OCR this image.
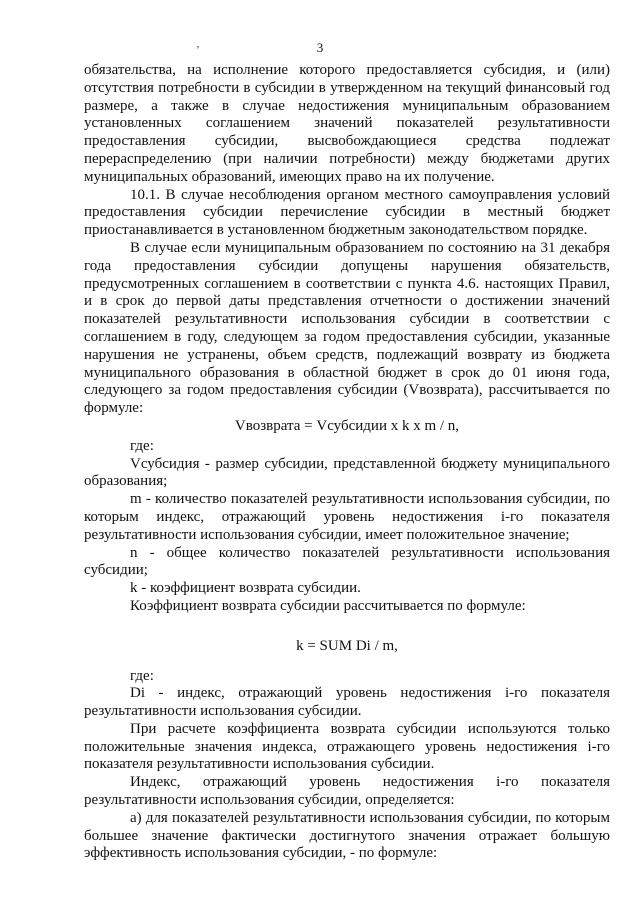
ʼ	3

обязательства, на исполнение которого предоставляется субсидия, и (или) отсутствия потребности в субсидии в утвержденном на текущий финансовый год размере, а также в случае недостижения муниципальным образованием установленных соглашением значений показателей результативности предоставления субсидии, высвобождающиеся средства подлежат перераспределению (при наличии потребности) между бюджетами других муниципальных образований, имеющих право на их получение.

10.1. В случае несоблюдения органом местного самоуправления условий предоставления субсидии перечисление субсидии в местный бюджет приостанавливается в установленном бюджетным законодательством порядке.

В случае если муниципальным образованием по состоянию на 31 декабря года предоставления субсидии допущены нарушения обязательств, предусмотренных соглашением в соответствии с пункта 4.6. настоящих Правил, и в срок до первой даты представления отчетности о достижении значений показателей результативности использования субсидии в соответствии с соглашением в году, следующем за годом предоставления субсидии, указанные нарушения не устранены, объем средств, подлежащий возврату из бюджета муниципального образования в областной бюджет в срок до 01 июня года, следующего за годом предоставления субсидии (Vвозврата), рассчитывается по формуле:

Vвозврата = Vсубсидии x k x m / n,

где:

Vсубсидия - размер субсидии, представленной бюджету муниципального образования;

m - количество показателей результативности использования субсидии, по которым индекс, отражающий уровень недостижения i-го показателя результативности использования субсидии, имеет положительное значение;

n - общее количество показателей результативности использования субсидии;

k - коэффициент возврата субсидии.

Коэффициент возврата субсидии рассчитывается по формуле:

k = SUM Di / m,

где:

Di - индекс, отражающий уровень недостижения i-го показателя результативности использования субсидии.

При расчете коэффициента возврата субсидии используются только положительные значения индекса, отражающего уровень недостижения i-го показателя результативности использования субсидии.

Индекс, отражающий уровень недостижения i-го показателя результативности использования субсидии, определяется:

а) для показателей результативности использования субсидии, по которым большее значение фактически достигнутого значения отражает большую эффективность использования субсидии, - по формуле:
